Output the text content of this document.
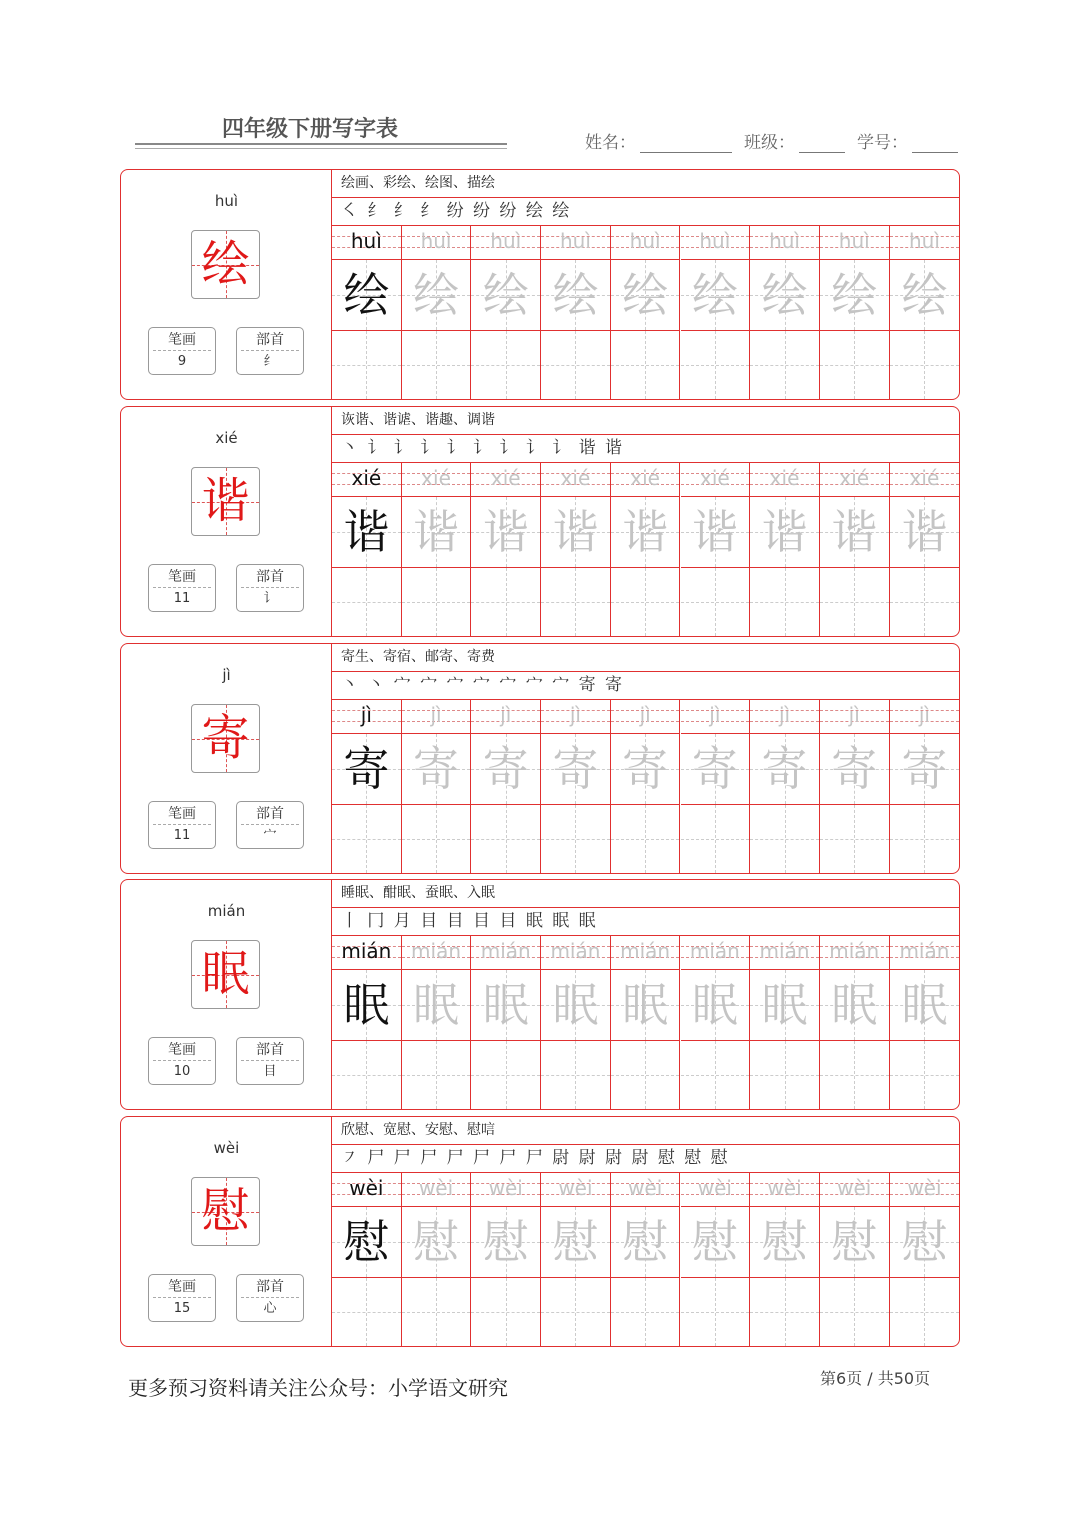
四年级下册写字表
姓名：	班级：	学号：
huì
绘
笔画
9
部首
纟
绘画、彩绘、绘图、描绘
㇛ 纟 纟 纟 纷 纷 纷 绘 绘
huì
绘
huì
绘
huì
绘
huì
绘
huì
绘
huì
绘
huì
绘
huì
绘
huì
绘
xié
谐
笔画
11
部首
讠
诙谐、谐谑、谐趣、调谐
丶 讠 讠 讠 讠 讠 讠 讠 讠 谐 谐
xié
谐
xié
谐
xié
谐
xié
谐
xié
谐
xié
谐
xié
谐
xié
谐
xié
谐
jì
寄
笔画
11
部首
宀
寄生、寄宿、邮寄、寄费
丶 丶 宀 宀 宀 宀 宀 宀 宀 寄 寄
jì
寄
jì
寄
jì
寄
jì
寄
jì
寄
jì
寄
jì
寄
jì
寄
jì
寄
mián
眠
笔画
10
部首
目
睡眠、酣眠、蚕眠、入眠
丨 冂 月 目 目 目 目 眠 眠 眠
mián
眠
mián
眠
mián
眠
mián
眠
mián
眠
mián
眠
mián
眠
mián
眠
mián
眠
wèi
慰
笔画
15
部首
心
欣慰、宽慰、安慰、慰唁
㇇ 尸 尸 尸 尸 尸 尸 尸 尉 尉 尉 尉 慰 慰 慰
wèi
慰
wèi
慰
wèi
慰
wèi
慰
wèi
慰
wèi
慰
wèi
慰
wèi
慰
wèi
慰
更多预习资料请关注公众号：小学语文研究	第6页 / 共50页
